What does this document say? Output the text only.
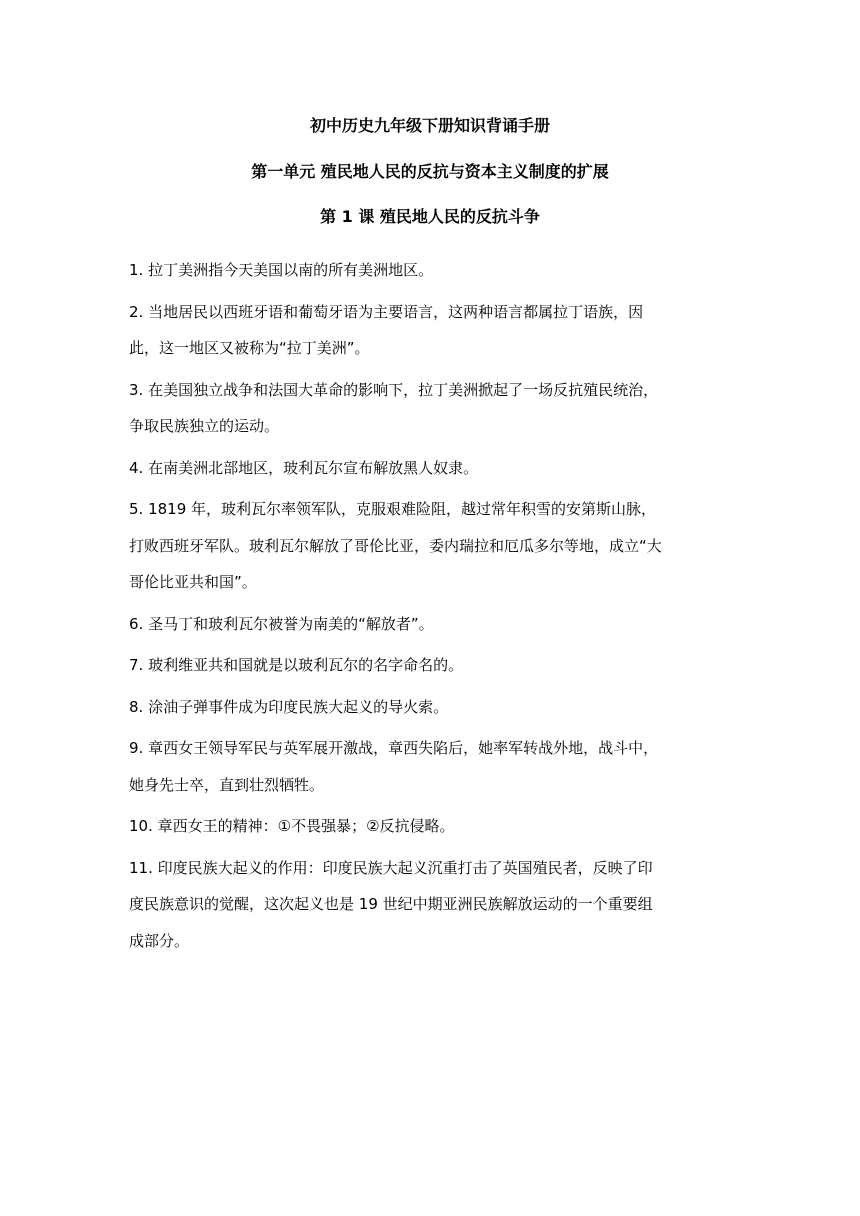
初中历史九年级下册知识背诵手册
第一单元 殖民地人民的反抗与资本主义制度的扩展
第 1 课 殖民地人民的反抗斗争

1. 拉丁美洲指今天美国以南的所有美洲地区。

2. 当地居民以西班牙语和葡萄牙语为主要语言，这两种语言都属拉丁语族，因
此，这一地区又被称为“拉丁美洲”。

3. 在美国独立战争和法国大革命的影响下，拉丁美洲掀起了一场反抗殖民统治，
争取民族独立的运动。

4. 在南美洲北部地区，玻利瓦尔宣布解放黑人奴隶。

5. 1819 年，玻利瓦尔率领军队，克服艰难险阻，越过常年积雪的安第斯山脉，
打败西班牙军队。玻利瓦尔解放了哥伦比亚，委内瑞拉和厄瓜多尔等地，成立“大
哥伦比亚共和国”。

6. 圣马丁和玻利瓦尔被誉为南美的“解放者”。

7. 玻利维亚共和国就是以玻利瓦尔的名字命名的。

8. 涂油子弹事件成为印度民族大起义的导火索。

9. 章西女王领导军民与英军展开激战，章西失陷后，她率军转战外地，战斗中，
她身先士卒，直到壮烈牺牲。

10. 章西女王的精神：①不畏强暴；②反抗侵略。

11. 印度民族大起义的作用：印度民族大起义沉重打击了英国殖民者，反映了印
度民族意识的觉醒，这次起义也是 19 世纪中期亚洲民族解放运动的一个重要组
成部分。
